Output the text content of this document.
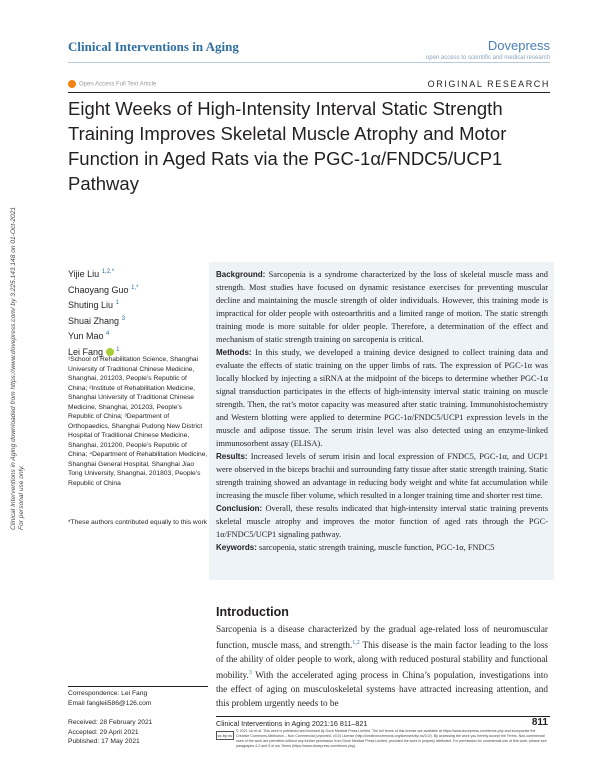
Clinical Interventions in Aging	Dovepress
open access to scientific and medical research
Open Access Full Text Article	ORIGINAL RESEARCH
Eight Weeks of High-Intensity Interval Static Strength Training Improves Skeletal Muscle Atrophy and Motor Function in Aged Rats via the PGC-1α/FNDC5/UCP1 Pathway
Clinical Interventions in Aging downloaded from https://www.dovepress.com/ by 3.225.143.148 on 01-Oct-2021 For personal use only.
Yijie Liu $^{1,2,*}$
Chaoyang Guo $^{1,*}$
Shuting Liu $^1$
Shuai Zhang $^3$
Yun Mao $^4$
Lei Fang $^1$
¹School of Rehabilitation Science, Shanghai University of Traditional Chinese Medicine, Shanghai, 201203, People’s Republic of China; ²Institute of Rehabilitation Medicine, Shanghai University of Traditional Chinese Medicine, Shanghai, 201203, People’s Republic of China; ³Department of Orthopaedics, Shanghai Pudong New District Hospital of Traditional Chinese Medicine, Shanghai, 201200, People’s Republic of China; ⁴Department of Rehabilitation Medicine, Shanghai General Hospital, Shanghai Jiao Tong University, Shanghai, 201803, People’s Republic of China
*These authors contributed equally to this work

Background: Sarcopenia is a syndrome characterized by the loss of skeletal muscle mass and strength. Most studies have focused on dynamic resistance exercises for preventing muscular decline and maintaining the muscle strength of older individuals. However, this training mode is impractical for older people with osteoarthritis and a limited range of motion. The static strength training mode is more suitable for older people. Therefore, a determination of the effect and mechanism of static strength training on sarcopenia is critical.

Methods: In this study, we developed a training device designed to collect training data and evaluate the effects of static training on the upper limbs of rats. The expression of PGC-1α was locally blocked by injecting a siRNA at the midpoint of the biceps to determine whether PGC-1α signal transduction participates in the effects of high-intensity interval static training on muscle strength. Then, the rat’s motor capacity was measured after static training. Immunohistochemistry and Western blotting were applied to determine PGC-1α/FNDC5/UCP1 expression levels in the muscle and adipose tissue. The serum irisin level was also detected using an enzyme-linked immunosorbent assay (ELISA).

Results: Increased levels of serum irisin and local expression of FNDC5, PGC-1α, and UCP1 were observed in the biceps brachii and surrounding fatty tissue after static strength training. Static strength training showed an advantage in reducing body weight and white fat accumulation while increasing the muscle fiber volume, which resulted in a longer training time and shorter rest time.

Conclusion: Overall, these results indicated that high-intensity interval static training prevents skeletal muscle atrophy and improves the motor function of aged rats through the PGC-1α/FNDC5/UCP1 signaling pathway.

Keywords: sarcopenia, static strength training, muscle function, PGC-1α, FNDC5

Introduction
Sarcopenia is a disease characterized by the gradual age-related loss of neuromuscular function, muscle mass, and strength.$^{1,2}$ This disease is the main factor leading to the loss of the ability of older people to work, along with reduced postural stability and functional mobility.$^3$ With the accelerated aging process in China’s population, investigations into the effect of aging on musculoskeletal systems have attracted increasing attention, and this problem urgently needs to be
Correspondence: Lei Fang
Email fangleii586@126.com
Received: 28 February 2021
Accepted: 29 April 2021
Published: 17 May 2021
Clinical Interventions in Aging 2021:16 811–821	811
cc by nc
© 2021 Liu et al. This work is published and licensed by Dove Medical Press Limited. The full terms of this license are available at https://www.dovepress.com/terms.php and incorporate the Creative Commons Attribution – Non Commercial (unported, v3.0) License (http://creativecommons.org/licenses/by-nc/3.0/). By accessing the work you hereby accept the Terms. Non-commercial uses of the work are permitted without any further permission from Dove Medical Press Limited, provided the work is properly attributed. For permission for commercial use of this work, please see paragraphs 4.2 and 5 of our Terms (https://www.dovepress.com/terms.php).
